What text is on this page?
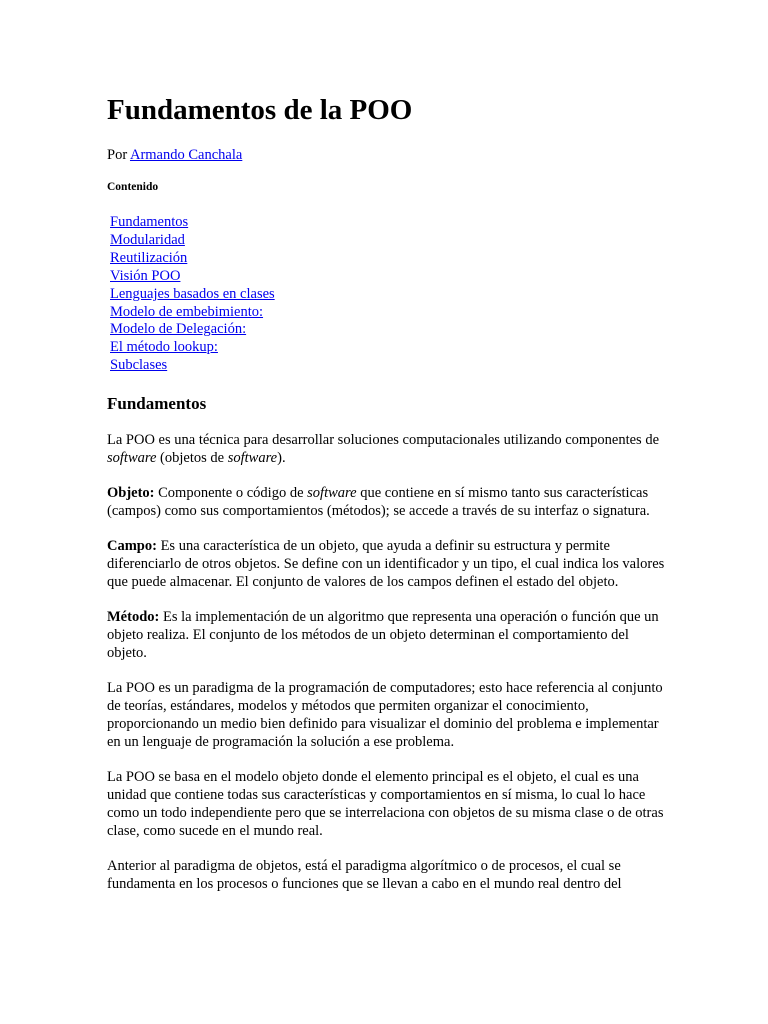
Fundamentos de la POO
Por Armando Canchala
Contenido
Fundamentos
Modularidad
Reutilización
Visión POO
Lenguajes basados en clases
Modelo de embebimiento:
Modelo de Delegación:
El método lookup:
Subclases
Fundamentos

La POO es una técnica para desarrollar soluciones computacionales utilizando componentes de software (objetos de software).

Objeto: Componente o código de software que contiene en sí mismo tanto sus características (campos) como sus comportamientos (métodos); se accede a través de su interfaz o signatura.

Campo: Es una característica de un objeto, que ayuda a definir su estructura y permite diferenciarlo de otros objetos. Se define con un identificador y un tipo, el cual indica los valores que puede almacenar. El conjunto de valores de los campos definen el estado del objeto.

Método: Es la implementación de un algoritmo que representa una operación o función que un objeto realiza. El conjunto de los métodos de un objeto determinan el comportamiento del objeto.

La POO es un paradigma de la programación de computadores; esto hace referencia al conjunto de teorías, estándares, modelos y métodos que permiten organizar el conocimiento, proporcionando un medio bien definido para visualizar el dominio del problema e implementar en un lenguaje de programación la solución a ese problema.

La POO se basa en el modelo objeto donde el elemento principal es el objeto, el cual es una unidad que contiene todas sus características y comportamientos en sí misma, lo cual lo hace como un todo independiente pero que se interrelaciona con objetos de su misma clase o de otras clase, como sucede en el mundo real.

Anterior al paradigma de objetos, está el paradigma algorítmico o de procesos, el cual se fundamenta en los procesos o funciones que se llevan a cabo en el mundo real dentro del
